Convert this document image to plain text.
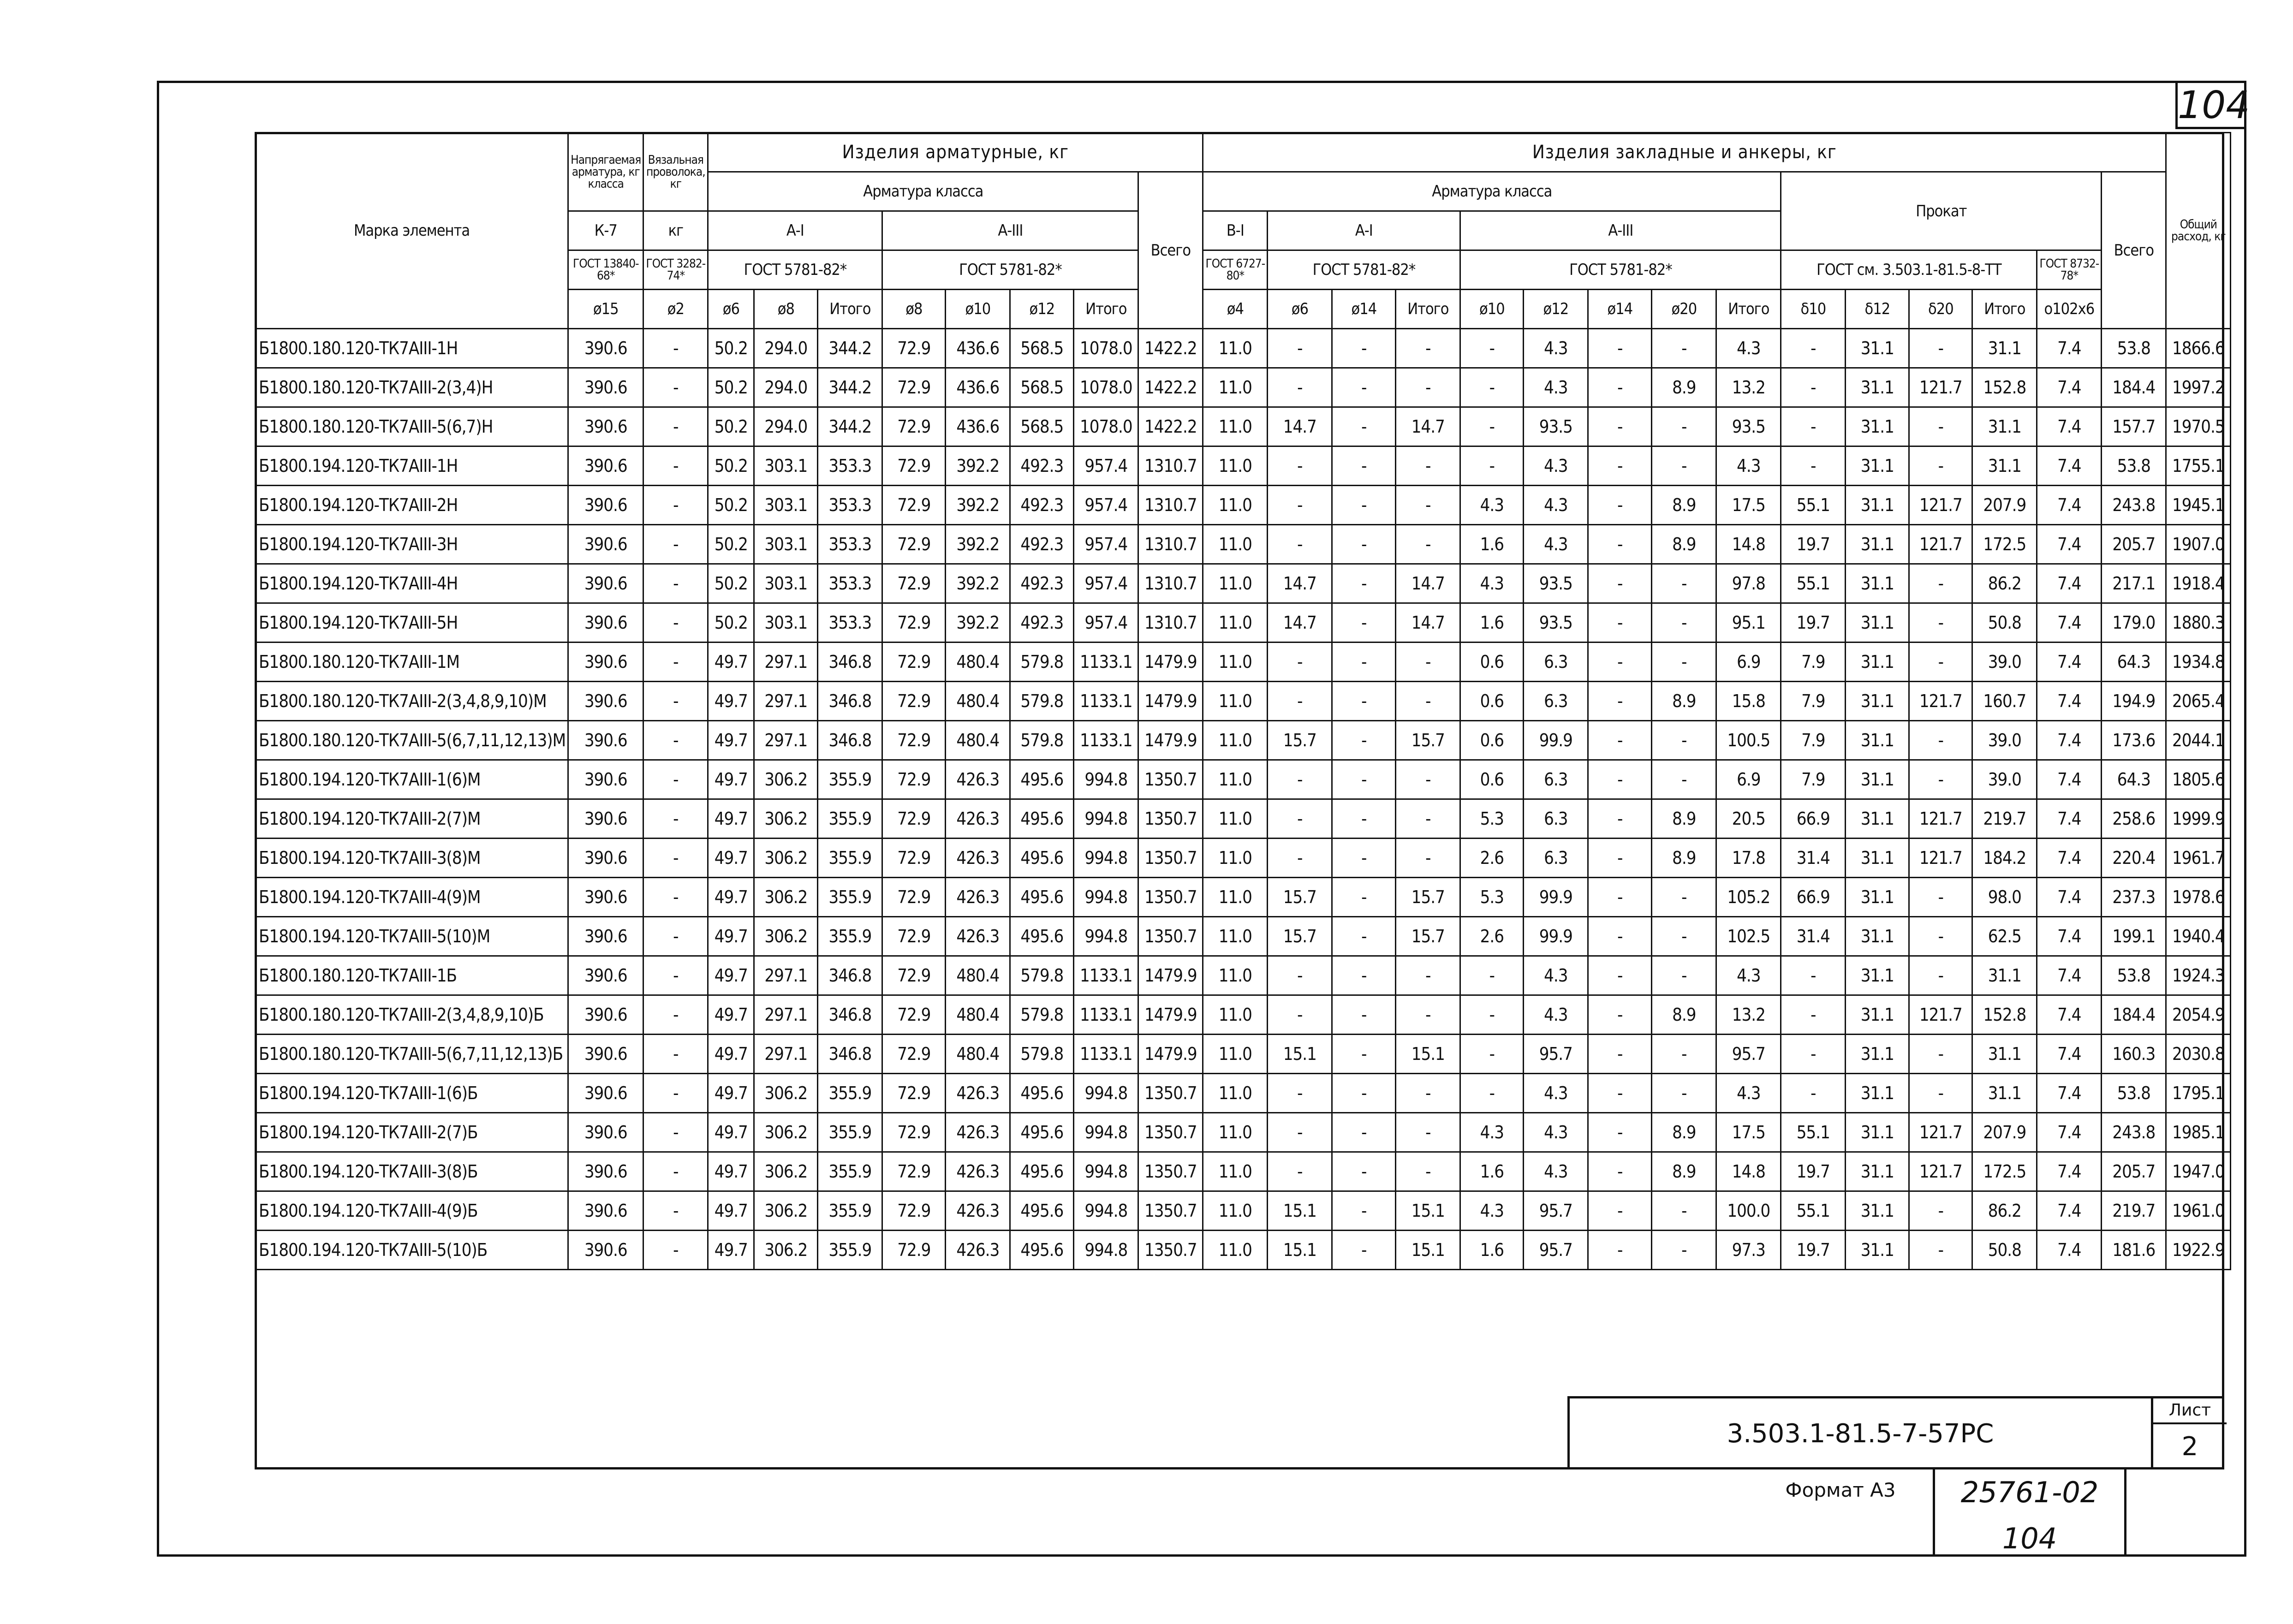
104
Марка элемента	Напрягаемая арматура, кг класса	Вязальная проволока, кг	Изделия арматурные, кг								Изделия закладные и анкеры, кг															Общий расход, кг
			Арматура класса							Всего	Арматура класса									Прокат					Всего	
	К-7	кг	А-I			А-III					B-I	А-I			А-III											
	ГОСТ 13840-68*	ГОСТ 3282-74*	ГОСТ 5781-82*			ГОСТ 5781-82*					ГОСТ 6727-80*	ГОСТ 5781-82*			ГОСТ 5781-82*					ГОСТ см. 3.503.1-81.5-8-ТТ				ГОСТ 8732-78*		
	ø15	ø2	ø6	ø8	Итого	ø8	ø10	ø12	Итого		ø4	ø6	ø14	Итого	ø10	ø12	ø14	ø20	Итого	δ10	δ12	δ20	Итого	о102х6		
Б1800.180.120-ТК7АIII-1Н	390.6	-	50.2	294.0	344.2	72.9	436.6	568.5	1078.0	1422.2	11.0	-	-	-	-	4.3	-	-	4.3	-	31.1	-	31.1	7.4	53.8	1866.6
Б1800.180.120-ТК7АIII-2(3,4)Н	390.6	-	50.2	294.0	344.2	72.9	436.6	568.5	1078.0	1422.2	11.0	-	-	-	-	4.3	-	8.9	13.2	-	31.1	121.7	152.8	7.4	184.4	1997.2
Б1800.180.120-ТК7АIII-5(6,7)Н	390.6	-	50.2	294.0	344.2	72.9	436.6	568.5	1078.0	1422.2	11.0	14.7	-	14.7	-	93.5	-	-	93.5	-	31.1	-	31.1	7.4	157.7	1970.5
Б1800.194.120-ТК7АIII-1Н	390.6	-	50.2	303.1	353.3	72.9	392.2	492.3	957.4	1310.7	11.0	-	-	-	-	4.3	-	-	4.3	-	31.1	-	31.1	7.4	53.8	1755.1
Б1800.194.120-ТК7АIII-2Н	390.6	-	50.2	303.1	353.3	72.9	392.2	492.3	957.4	1310.7	11.0	-	-	-	4.3	4.3	-	8.9	17.5	55.1	31.1	121.7	207.9	7.4	243.8	1945.1
Б1800.194.120-ТК7АIII-3Н	390.6	-	50.2	303.1	353.3	72.9	392.2	492.3	957.4	1310.7	11.0	-	-	-	1.6	4.3	-	8.9	14.8	19.7	31.1	121.7	172.5	7.4	205.7	1907.0
Б1800.194.120-ТК7АIII-4Н	390.6	-	50.2	303.1	353.3	72.9	392.2	492.3	957.4	1310.7	11.0	14.7	-	14.7	4.3	93.5	-	-	97.8	55.1	31.1	-	86.2	7.4	217.1	1918.4
Б1800.194.120-ТК7АIII-5Н	390.6	-	50.2	303.1	353.3	72.9	392.2	492.3	957.4	1310.7	11.0	14.7	-	14.7	1.6	93.5	-	-	95.1	19.7	31.1	-	50.8	7.4	179.0	1880.3
Б1800.180.120-ТК7АIII-1М	390.6	-	49.7	297.1	346.8	72.9	480.4	579.8	1133.1	1479.9	11.0	-	-	-	0.6	6.3	-	-	6.9	7.9	31.1	-	39.0	7.4	64.3	1934.8
Б1800.180.120-ТК7АIII-2(3,4,8,9,10)М	390.6	-	49.7	297.1	346.8	72.9	480.4	579.8	1133.1	1479.9	11.0	-	-	-	0.6	6.3	-	8.9	15.8	7.9	31.1	121.7	160.7	7.4	194.9	2065.4
Б1800.180.120-ТК7АIII-5(6,7,11,12,13)М	390.6	-	49.7	297.1	346.8	72.9	480.4	579.8	1133.1	1479.9	11.0	15.7	-	15.7	0.6	99.9	-	-	100.5	7.9	31.1	-	39.0	7.4	173.6	2044.1
Б1800.194.120-ТК7АIII-1(6)М	390.6	-	49.7	306.2	355.9	72.9	426.3	495.6	994.8	1350.7	11.0	-	-	-	0.6	6.3	-	-	6.9	7.9	31.1	-	39.0	7.4	64.3	1805.6
Б1800.194.120-ТК7АIII-2(7)М	390.6	-	49.7	306.2	355.9	72.9	426.3	495.6	994.8	1350.7	11.0	-	-	-	5.3	6.3	-	8.9	20.5	66.9	31.1	121.7	219.7	7.4	258.6	1999.9
Б1800.194.120-ТК7АIII-3(8)М	390.6	-	49.7	306.2	355.9	72.9	426.3	495.6	994.8	1350.7	11.0	-	-	-	2.6	6.3	-	8.9	17.8	31.4	31.1	121.7	184.2	7.4	220.4	1961.7
Б1800.194.120-ТК7АIII-4(9)М	390.6	-	49.7	306.2	355.9	72.9	426.3	495.6	994.8	1350.7	11.0	15.7	-	15.7	5.3	99.9	-	-	105.2	66.9	31.1	-	98.0	7.4	237.3	1978.6
Б1800.194.120-ТК7АIII-5(10)М	390.6	-	49.7	306.2	355.9	72.9	426.3	495.6	994.8	1350.7	11.0	15.7	-	15.7	2.6	99.9	-	-	102.5	31.4	31.1	-	62.5	7.4	199.1	1940.4
Б1800.180.120-ТК7АIII-1Б	390.6	-	49.7	297.1	346.8	72.9	480.4	579.8	1133.1	1479.9	11.0	-	-	-	-	4.3	-	-	4.3	-	31.1	-	31.1	7.4	53.8	1924.3
Б1800.180.120-ТК7АIII-2(3,4,8,9,10)Б	390.6	-	49.7	297.1	346.8	72.9	480.4	579.8	1133.1	1479.9	11.0	-	-	-	-	4.3	-	8.9	13.2	-	31.1	121.7	152.8	7.4	184.4	2054.9
Б1800.180.120-ТК7АIII-5(6,7,11,12,13)Б	390.6	-	49.7	297.1	346.8	72.9	480.4	579.8	1133.1	1479.9	11.0	15.1	-	15.1	-	95.7	-	-	95.7	-	31.1	-	31.1	7.4	160.3	2030.8
Б1800.194.120-ТК7АIII-1(6)Б	390.6	-	49.7	306.2	355.9	72.9	426.3	495.6	994.8	1350.7	11.0	-	-	-	-	4.3	-	-	4.3	-	31.1	-	31.1	7.4	53.8	1795.1
Б1800.194.120-ТК7АIII-2(7)Б	390.6	-	49.7	306.2	355.9	72.9	426.3	495.6	994.8	1350.7	11.0	-	-	-	4.3	4.3	-	8.9	17.5	55.1	31.1	121.7	207.9	7.4	243.8	1985.1
Б1800.194.120-ТК7АIII-3(8)Б	390.6	-	49.7	306.2	355.9	72.9	426.3	495.6	994.8	1350.7	11.0	-	-	-	1.6	4.3	-	8.9	14.8	19.7	31.1	121.7	172.5	7.4	205.7	1947.0
Б1800.194.120-ТК7АIII-4(9)Б	390.6	-	49.7	306.2	355.9	72.9	426.3	495.6	994.8	1350.7	11.0	15.1	-	15.1	4.3	95.7	-	-	100.0	55.1	31.1	-	86.2	7.4	219.7	1961.0
Б1800.194.120-ТК7АIII-5(10)Б	390.6	-	49.7	306.2	355.9	72.9	426.3	495.6	994.8	1350.7	11.0	15.1	-	15.1	1.6	95.7	-	-	97.3	19.7	31.1	-	50.8	7.4	181.6	1922.9
3.503.1-81.5-7-57РС
Лист
2
Формат А3	25761-02 104
